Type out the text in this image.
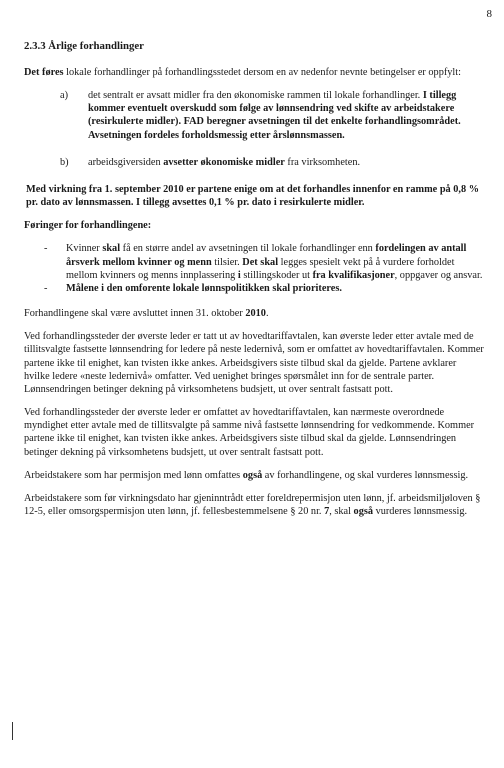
8
2.3.3 Årlige forhandlinger

Det føres lokale forhandlinger på forhandlingsstedet dersom en av nedenfor nevnte betingelser er oppfylt:

a)	det sentralt er avsatt midler fra den økonomiske rammen til lokale forhandlinger. I tillegg kommer eventuelt overskudd som følge av lønnsendring ved skifte av arbeidstakere (resirkulerte midler). FAD beregner avsetningen til det enkelte forhandlingsområdet. Avsetningen fordeles forholdsmessig etter årslønnsmassen.
b)	arbeidsgiversiden avsetter økonomiske midler fra virksomheten.

Med virkning fra 1. september 2010 er partene enige om at det forhandles innenfor en ramme på 0,8 % pr. dato av lønnsmassen. I tillegg avsettes 0,1 % pr. dato i resirkulerte midler.

Føringer for forhandlingene:
-	Kvinner skal få en større andel av avsetningen til lokale forhandlinger enn fordelingen av antall årsverk mellom kvinner og menn tilsier. Det skal legges spesielt vekt på å vurdere forholdet mellom kvinners og menns innplassering i stillingskoder ut fra kvalifikasjoner, oppgaver og ansvar.
-	Målene i den omforente lokale lønnspolitikken skal prioriteres.

Forhandlingene skal være avsluttet innen 31. oktober 2010.

Ved forhandlingssteder der øverste leder er tatt ut av hovedtariffavtalen, kan øverste leder etter avtale med de tillitsvalgte fastsette lønnsendring for ledere på neste ledernivå, som er omfattet av hovedtariffavtalen. Kommer partene ikke til enighet, kan tvisten ikke ankes. Arbeidsgivers siste tilbud skal da gjelde. Partene avklarer hvilke ledere «neste ledernivå» omfatter. Ved uenighet bringes spørsmålet inn for de sentrale parter. Lønnsendringen betinger dekning på virksomhetens budsjett, ut over sentralt fastsatt pott.

Ved forhandlingssteder der øverste leder er omfattet av hovedtariffavtalen, kan nærmeste overordnede myndighet etter avtale med de tillitsvalgte på samme nivå fastsette lønnsendring for vedkommende. Kommer partene ikke til enighet, kan tvisten ikke ankes. Arbeidsgivers siste tilbud skal da gjelde. Lønnsendringen betinger dekning på virksomhetens budsjett, ut over sentralt fastsatt pott.

Arbeidstakere som har permisjon med lønn omfattes også av forhandlingene, og skal vurderes lønnsmessig.

Arbeidstakere som før virkningsdato har gjeninntrådt etter foreldrepermisjon uten lønn, jf. arbeidsmiljøloven § 12-5, eller omsorgspermisjon uten lønn, jf. fellesbestemmelsene § 20 nr. 7, skal også vurderes lønnsmessig.
